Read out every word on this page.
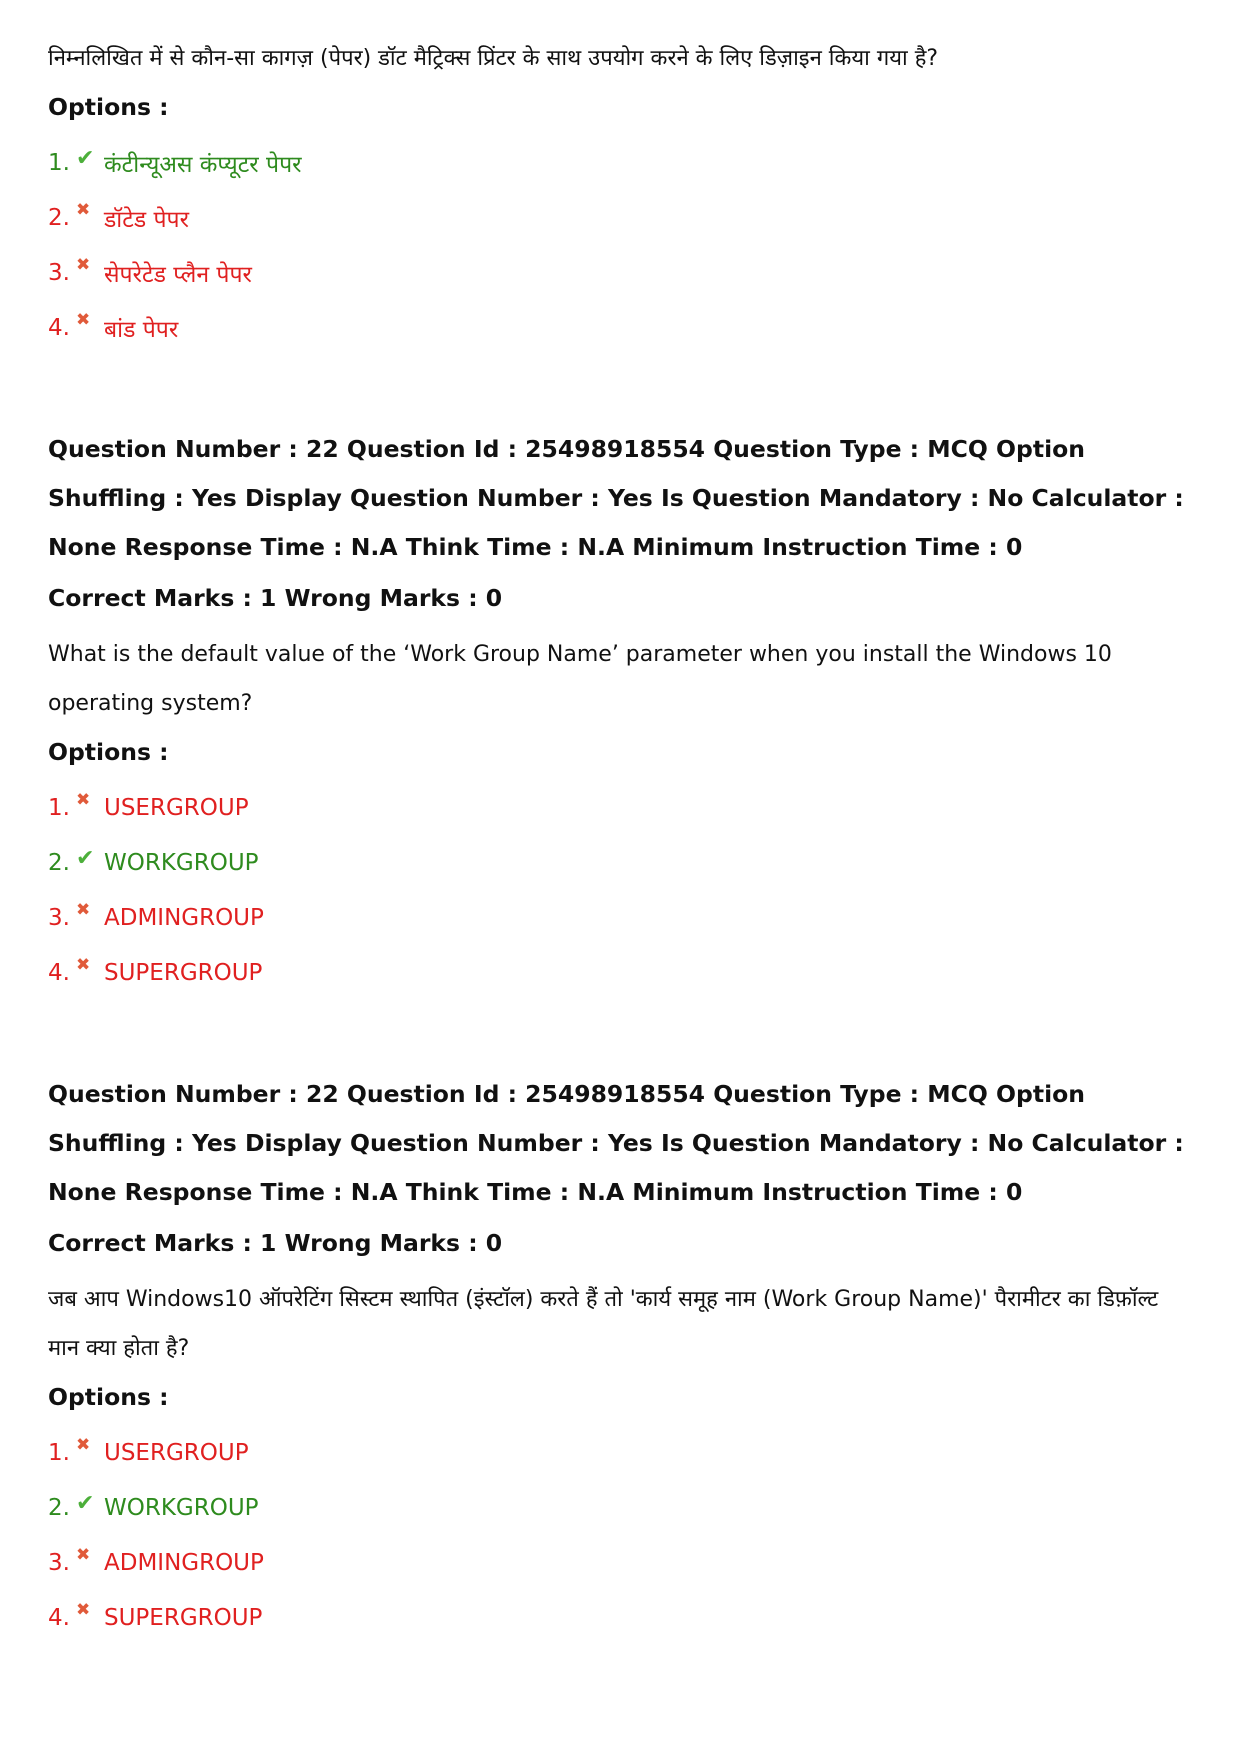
निम्नलिखित में से कौन-सा कागज़ (पेपर) डॉट मैट्रिक्स प्रिंटर के साथ उपयोग करने के लिए डिज़ाइन किया गया है?

Options :

1. ✔ कंटीन्यूअस कंप्यूटर पेपर
2. ✖ डॉटेड पेपर
3. ✖ सेपरेटेड प्लैन पेपर
4. ✖ बांड पेपर

Question Number : 22 Question Id : 25498918554 Question Type : MCQ Option Shuffling : Yes Display Question Number : Yes Is Question Mandatory : No Calculator : None Response Time : N.A Think Time : N.A Minimum Instruction Time : 0

Correct Marks : 1 Wrong Marks : 0

What is the default value of the ‘Work Group Name’ parameter when you install the Windows 10 operating system?

Options :

1. ✖ USERGROUP
2. ✔ WORKGROUP
3. ✖ ADMINGROUP
4. ✖ SUPERGROUP

Question Number : 22 Question Id : 25498918554 Question Type : MCQ Option Shuffling : Yes Display Question Number : Yes Is Question Mandatory : No Calculator : None Response Time : N.A Think Time : N.A Minimum Instruction Time : 0

Correct Marks : 1 Wrong Marks : 0

जब आप Windows10 ऑपरेटिंग सिस्टम स्थापित (इंस्टॉल) करते हैं तो 'कार्य समूह नाम (Work Group Name)' पैरामीटर का डिफ़ॉल्ट मान क्या होता है?

Options :

1. ✖ USERGROUP
2. ✔ WORKGROUP
3. ✖ ADMINGROUP
4. ✖ SUPERGROUP
